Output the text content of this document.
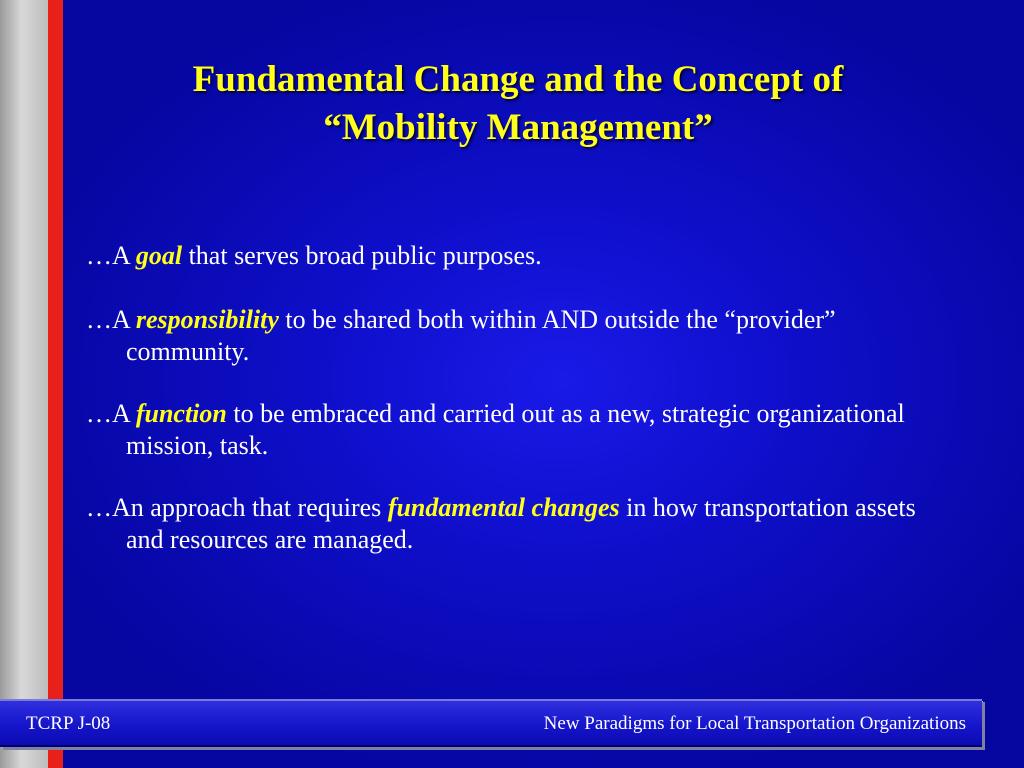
Fundamental Change and the Concept of
“Mobility Management”
…A goal that serves broad public purposes.
…A responsibility to be shared both within AND outside the “provider” community.
…A function to be embraced and carried out as a new, strategic organizational mission, task.
…An approach that requires fundamental changes in how transportation assets and resources are managed.
TCRP J-08	New Paradigms for Local Transportation Organizations
